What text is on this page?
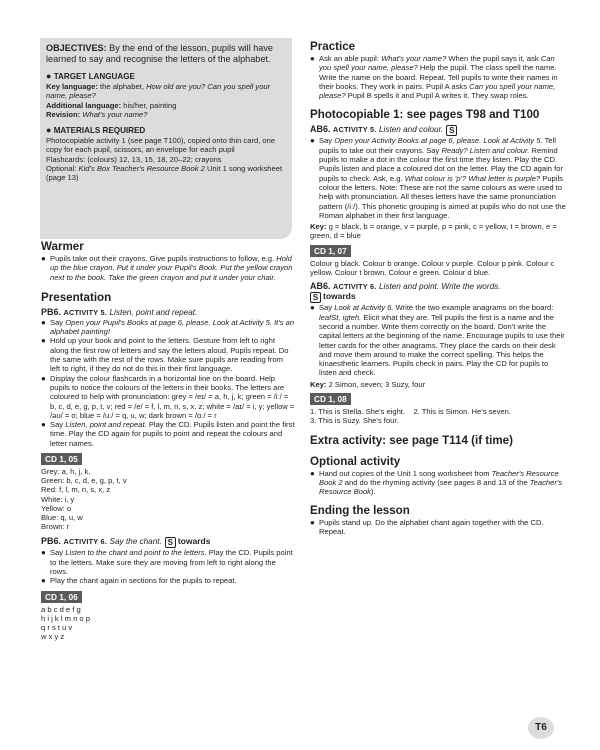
OBJECTIVES: By the end of the lesson, pupils will have learned to say and recognise the letters of the alphabet.
● TARGET LANGUAGE
Key language: the alphabet, How old are you? Can you spell your name, please?
Additional language: his/her, painting
Revision: What's your name?
● MATERIALS REQUIRED
Photocopiable activity 1 (see page T100), copied onto thin card, one copy for each pupil, scissors, an envelope for each pupil
Flashcards: (colours) 12, 13, 15, 18, 20–22; crayons
Optional: Kid's Box Teacher's Resource Book 2 Unit 1 song worksheet (page 13)
Warmer
● Pupils take out their crayons. Give pupils instructions to follow, e.g. Hold up the blue crayon. Put it under your Pupil's Book. Put the yellow crayon next to the book. Take the green crayon and put it under your chair.
Presentation
PB6. ACTIVITY 5. Listen, point and repeat.
● Say Open your Pupil's Books at page 6, please. Look at Activity 5. It's an alphabet painting!
● Hold up your book and point to the letters. Gesture from left to right along the first row of letters and say the letters aloud. Pupils repeat. Do the same with the rest of the rows. Make sure pupils are reading from left to right, if they do not do this in their first language.
● Display the colour flashcards in a horizontal line on the board. Help pupils to notice the colours of the letters in their books. The letters are coloured to help with pronunciation: grey = /eɪ/ = a, h, j, k; green = /iː/ = b, c, d, e, g, p, t, v; red = /e/ = f, l, m, n, s, x, z; white = /aɪ/ = i, y; yellow = /əʊ/ = o; blue = /uː/ = q, u, w; dark brown = /ɑː/ = r
● Say Listen, point and repeat. Play the CD. Pupils listen and point the first time. Play the CD again for pupils to point and repeat the colours and letter names.
CD 1, 05
Grey: a, h, j, k,
Green: b, c, d, e, g, p, t, v
Red: f, l, m, n, s, x, z
White: i, y
Yellow: o
Blue: q, u, w
Brown: r
PB6. ACTIVITY 6. Say the chant. S towards
● Say Listen to the chant and point to the letters. Play the CD. Pupils point to the letters. Make sure they are moving from left to right along the rows.
● Play the chant again in sections for the pupils to repeat.
CD 1, 06
a b c d e f g
h i j k l m n o p
q r s t u v
w x y z
Practice
● Ask an able pupil: What's your name? When the pupil says it, ask Can you spell your name, please? Help the pupil. The class spell the name. Write the name on the board. Repeat. Tell pupils to write their names in their books. They work in pairs. Pupil A asks Can you spell your name, please? Pupil B spells it and Pupil A writes it. They swap roles.
Photocopiable 1: see pages T98 and T100
AB6. ACTIVITY 5. Listen and colour. S
● Say Open your Activity Books at page 6, please. Look at Activity 5. Tell pupils to take out their crayons. Say Ready? Listen and colour. Remind pupils to make a dot in the colour the first time they listen. Play the CD. Pupils listen and place a coloured dot on the letter. Play the CD again for pupils to check. Ask, e.g. What colour is 'p'? What letter is purple? Pupils colour the letters. Note: These are not the same colours as were used to help with pronunciation. All theses letters have the same pronunciation pattern (/iː/). This phonetic grouping is aimed at pupils who do not use the Roman alphabet in their first language.
Key: g = black, b = orange, v = purple, p = pink, c = yellow, t = brown, e = green, d = blue
CD 1, 07
Colour g black. Colour b orange. Colour v purple. Colour p pink. Colour c yellow. Colour t brown. Colour e green. Colour d blue.
AB6. ACTIVITY 6. Listen and point. Write the words.
S towards
● Say Look at Activity 6. Write the two example anagrams on the board: leafSt, igteh. Elicit what they are. Tell pupils the first is a name and the second a number. Write them correctly on the board. Don't write the capital letters at the beginning of the name. Encourage pupils to use their letter cards for the other anagrams. They place the cards on their desk and move them around to make the correct spelling. This helps the kinaesthetic learners. Pupils check in pairs. Play the CD for pupils to listen and check.
Key: 2 Simon, seven; 3 Suzy, four
CD 1, 08
1. This is Stella. She's eight.    2. This is Simon. He's seven.
3. This is Suzy. She's four.
Extra activity: see page T114 (if time)
Optional activity
● Hand out copies of the Unit 1 song worksheet from Teacher's Resource Book 2 and do the rhyming activity (see pages 8 and 13 of the Teacher's Resource Book).
Ending the lesson
● Pupils stand up. Do the alphabet chant again together with the CD. Repeat.
T6
